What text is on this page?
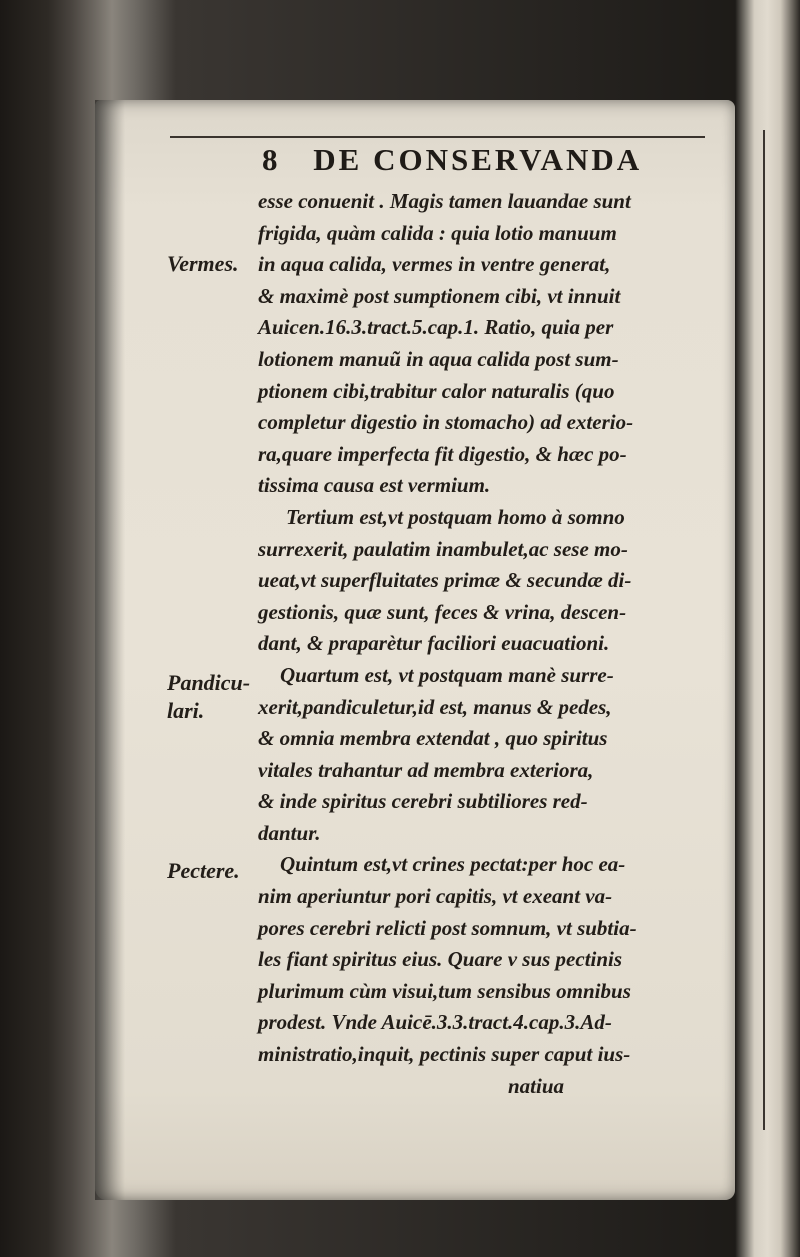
8 DE CONSERVANDA
Vermes.
Pandicu-
lari.
Pectere.
esse conuenit . Magis tamen lauandae sunt
frigida, quàm calida : quia lotio manuum
in aqua calida, vermes in ventre generat,
& maximè post sumptionem cibi, vt innuit
Auicen.16.3.tract.5.cap.1. Ratio, quia per
lotionem manuũ in aqua calida post sum-
ptionem cibi,trabitur calor naturalis (quo
completur digestio in stomacho) ad exterio-
ra,quare imperfecta fit digestio, & hæc po-
tissima causa est vermium.
Tertium est,vt postquam homo à somno
surrexerit, paulatim inambulet,ac sese mo-
ueat,vt superfluitates primæ & secundæ di-
gestionis, quæ sunt, feces & vrina, descen-
dant, & praparètur faciliori euacuationi.
Quartum est, vt postquam manè surre-
xerit,pandiculetur,id est, manus & pedes,
& omnia membra extendat , quo spiritus
vitales trahantur ad membra exteriora,
& inde spiritus cerebri subtiliores red-
dantur.
Quintum est,vt crines pectat:per hoc ea-
nim aperiuntur pori capitis, vt exeant va-
pores cerebri relicti post somnum, vt subtia-
les fiant spiritus eius. Quare v sus pectinis
plurimum cùm visui,tum sensibus omnibus
prodest. Vnde Auicē.3.3.tract.4.cap.3.Ad-
ministratio,inquit, pectinis super caput ius-
natiua
